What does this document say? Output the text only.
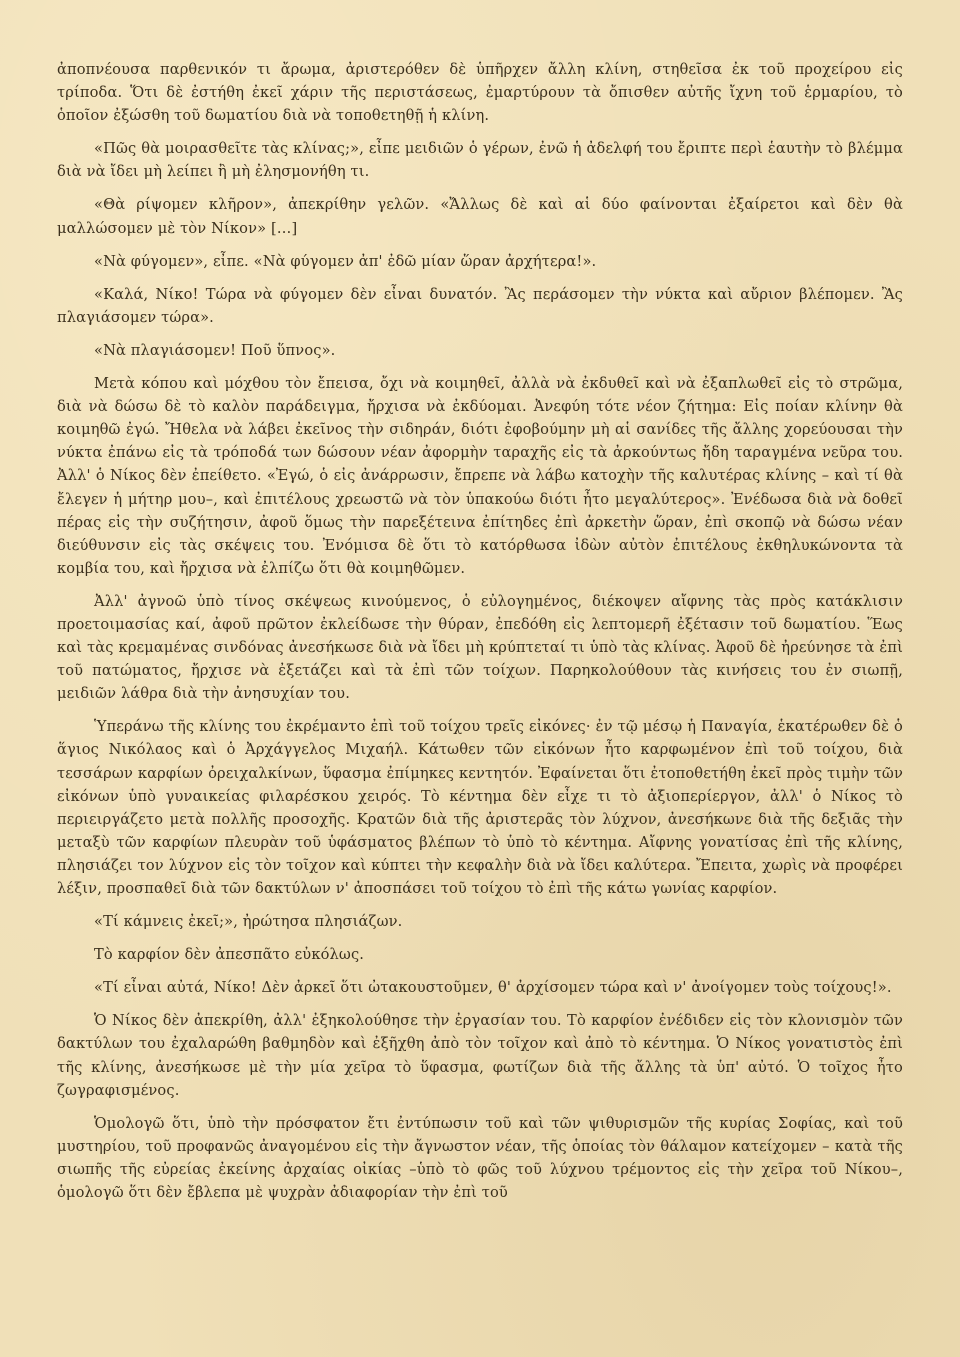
ἀποπνέουσα παρθενικόν τι ἄρωμα, ἀριστερόθεν δὲ ὑπῆρχεν ἄλλη κλίνη, στηθεῖσα ἐκ τοῦ προχείρου εἰς τρίποδα. Ὅτι δὲ ἐστήθη ἐκεῖ χάριν τῆς περιστάσεως, ἐμαρτύρουν τὰ ὄπισθεν αὐτῆς ἴχνη τοῦ ἑρμαρίου, τὸ ὁποῖον ἐξώσθη τοῦ δωματίου διὰ νὰ τοποθετηθῇ ἡ κλίνη.

«Πῶς θὰ μοιρασθεῖτε τὰς κλίνας;», εἶπε μειδιῶν ὁ γέρων, ἐνῶ ἡ ἀδελφή του ἔριπτε περὶ ἑαυτὴν τὸ βλέμμα διὰ νὰ ἴδει μὴ λείπει ἢ μὴ ἐλησμονήθη τι.

«Θὰ ρίψομεν κλῆρον», ἀπεκρίθην γελῶν. «Ἄλλως δὲ καὶ αἱ δύο φαίνονται ἐξαίρετοι καὶ δὲν θὰ μαλλώσομεν μὲ τὸν Νίκον» […]

«Νὰ φύγομεν», εἶπε. «Νὰ φύγομεν ἀπ' ἐδῶ μίαν ὥραν ἀρχήτερα!».

«Καλά, Νίκο! Τώρα νὰ φύγομεν δὲν εἶναι δυνατόν. Ἂς περάσομεν τὴν νύκτα καὶ αὔριον βλέπομεν. Ἂς πλαγιάσομεν τώρα».

«Νὰ πλαγιάσομεν! Ποῦ ὕπνος».

Μετὰ κόπου καὶ μόχθου τὸν ἔπεισα, ὄχι νὰ κοιμηθεῖ, ἀλλὰ νὰ ἐκδυθεῖ καὶ νὰ ἐξαπλωθεῖ εἰς τὸ στρῶμα, διὰ νὰ δώσω δὲ τὸ καλὸν παράδειγμα, ἤρχισα νὰ ἐκδύομαι. Ἀνεφύη τότε νέον ζήτημα: Εἰς ποίαν κλίνην θὰ κοιμηθῶ ἐγώ. Ἤθελα νὰ λάβει ἐκεῖνος τὴν σιδηράν, διότι ἐφοβούμην μὴ αἱ σανίδες τῆς ἄλλης χορεύουσαι τὴν νύκτα ἐπάνω εἰς τὰ τρόποδά των δώσουν νέαν ἀφορμὴν ταραχῆς εἰς τὰ ἀρκούντως ἤδη ταραγμένα νεῦρα του. Ἀλλ' ὁ Νίκος δὲν ἐπείθετο. «Ἐγώ, ὁ εἰς ἀνάρρωσιν, ἔπρεπε νὰ λάβω κατοχὴν τῆς καλυτέρας κλίνης – καὶ τί θὰ ἔλεγεν ἡ μήτηρ μου–, καὶ ἐπιτέλους χρεωστῶ νὰ τὸν ὑπακούω διότι ἦτο μεγαλύτερος». Ἐνέδωσα διὰ νὰ δοθεῖ πέρας εἰς τὴν συζήτησιν, ἀφοῦ ὅμως τὴν παρεξέτεινα ἐπίτηδες ἐπὶ ἀρκετὴν ὥραν, ἐπὶ σκοπῷ νὰ δώσω νέαν διεύθυνσιν εἰς τὰς σκέψεις του. Ἐνόμισα δὲ ὅτι τὸ κατόρθωσα ἰδὼν αὐτὸν ἐπιτέλους ἐκθηλυκώνοντα τὰ κομβία του, καὶ ἤρχισα νὰ ἐλπίζω ὅτι θὰ κοιμηθῶμεν.

Ἀλλ' ἀγνοῶ ὑπὸ τίνος σκέψεως κινούμενος, ὁ εὐλογημένος, διέκοψεν αἴφνης τὰς πρὸς κατάκλισιν προετοιμασίας καί, ἀφοῦ πρῶτον ἐκλείδωσε τὴν θύραν, ἐπεδόθη εἰς λεπτομερῆ ἐξέτασιν τοῦ δωματίου. Ἕως καὶ τὰς κρεμαμένας σινδόνας ἀνεσήκωσε διὰ νὰ ἴδει μὴ κρύπτεταί τι ὑπὸ τὰς κλίνας. Ἀφοῦ δὲ ἠρεύνησε τὰ ἐπὶ τοῦ πατώματος, ἤρχισε νὰ ἐξετάζει καὶ τὰ ἐπὶ τῶν τοίχων. Παρηκολούθουν τὰς κινήσεις του ἐν σιωπῇ, μειδιῶν λάθρα διὰ τὴν ἀνησυχίαν του.

Ὑπεράνω τῆς κλίνης του ἐκρέμαντο ἐπὶ τοῦ τοίχου τρεῖς εἰκόνες· ἐν τῷ μέσῳ ἡ Παναγία, ἑκατέρωθεν δὲ ὁ ἅγιος Νικόλαος καὶ ὁ Ἀρχάγγελος Μιχαήλ. Κάτωθεν τῶν εἰκόνων ἦτο καρφωμένον ἐπὶ τοῦ τοίχου, διὰ τεσσάρων καρφίων ὀρειχαλκίνων, ὕφασμα ἐπίμηκες κεντητόν. Ἐφαίνεται ὅτι ἐτοποθετήθη ἐκεῖ πρὸς τιμὴν τῶν εἰκόνων ὑπὸ γυναικείας φιλαρέσκου χειρός. Τὸ κέντημα δὲν εἶχε τι τὸ ἀξιοπερίεργον, ἀλλ' ὁ Νίκος τὸ περιειργάζετο μετὰ πολλῆς προσοχῆς. Κρατῶν διὰ τῆς ἀριστερᾶς τὸν λύχνον, ἀνεσήκωνε διὰ τῆς δεξιᾶς τὴν μεταξὺ τῶν καρφίων πλευρὰν τοῦ ὑφάσματος βλέπων τὸ ὑπὸ τὸ κέντημα. Αἴφνης γονατίσας ἐπὶ τῆς κλίνης, πλησιάζει τον λύχνον εἰς τὸν τοῖχον καὶ κύπτει τὴν κεφαλὴν διὰ νὰ ἴδει καλύτερα. Ἔπειτα, χωρὶς νὰ προφέρει λέξιν, προσπαθεῖ διὰ τῶν δακτύλων ν' ἀποσπάσει τοῦ τοίχου τὸ ἐπὶ τῆς κάτω γωνίας καρφίον.

«Τί κάμνεις ἐκεῖ;», ἠρώτησα πλησιάζων.

Τὸ καρφίον δὲν ἀπεσπᾶτο εὐκόλως.

«Τί εἶναι αὐτά, Νίκο! Δὲν ἀρκεῖ ὅτι ὠτακουστοῦμεν, θ' ἀρχίσομεν τώρα καὶ ν' ἀνοίγομεν τοὺς τοίχους!».

Ὁ Νίκος δὲν ἀπεκρίθη, ἀλλ' ἐξηκολούθησε τὴν ἐργασίαν του. Τὸ καρφίον ἐνέδιδεν εἰς τὸν κλονισμὸν τῶν δακτύλων του ἐχαλαρώθη βαθμηδὸν καὶ ἐξῆχθη ἀπὸ τὸν τοῖχον καὶ ἀπὸ τὸ κέντημα. Ὁ Νίκος γονατιστὸς ἐπὶ τῆς κλίνης, ἀνεσήκωσε μὲ τὴν μία χεῖρα τὸ ὕφασμα, φωτίζων διὰ τῆς ἄλλης τὰ ὑπ' αὐτό. Ὁ τοῖχος ἦτο ζωγραφισμένος.

Ὁμολογῶ ὅτι, ὑπὸ τὴν πρόσφατον ἔτι ἐντύπωσιν τοῦ καὶ τῶν ψιθυρισμῶν τῆς κυρίας Σοφίας, καὶ τοῦ μυστηρίου, τοῦ προφανῶς ἀναγομένου εἰς τὴν ἄγνωστον νέαν, τῆς ὁποίας τὸν θάλαμον κατείχομεν – κατὰ τῆς σιωπῆς τῆς εὐρείας ἐκείνης ἀρχαίας οἰκίας –ὑπὸ τὸ φῶς τοῦ λύχνου τρέμοντος εἰς τὴν χεῖρα τοῦ Νίκου–, ὁμολογῶ ὅτι δὲν ἔβλεπα μὲ ψυχρὰν ἀδιαφορίαν τὴν ἐπὶ τοῦ
